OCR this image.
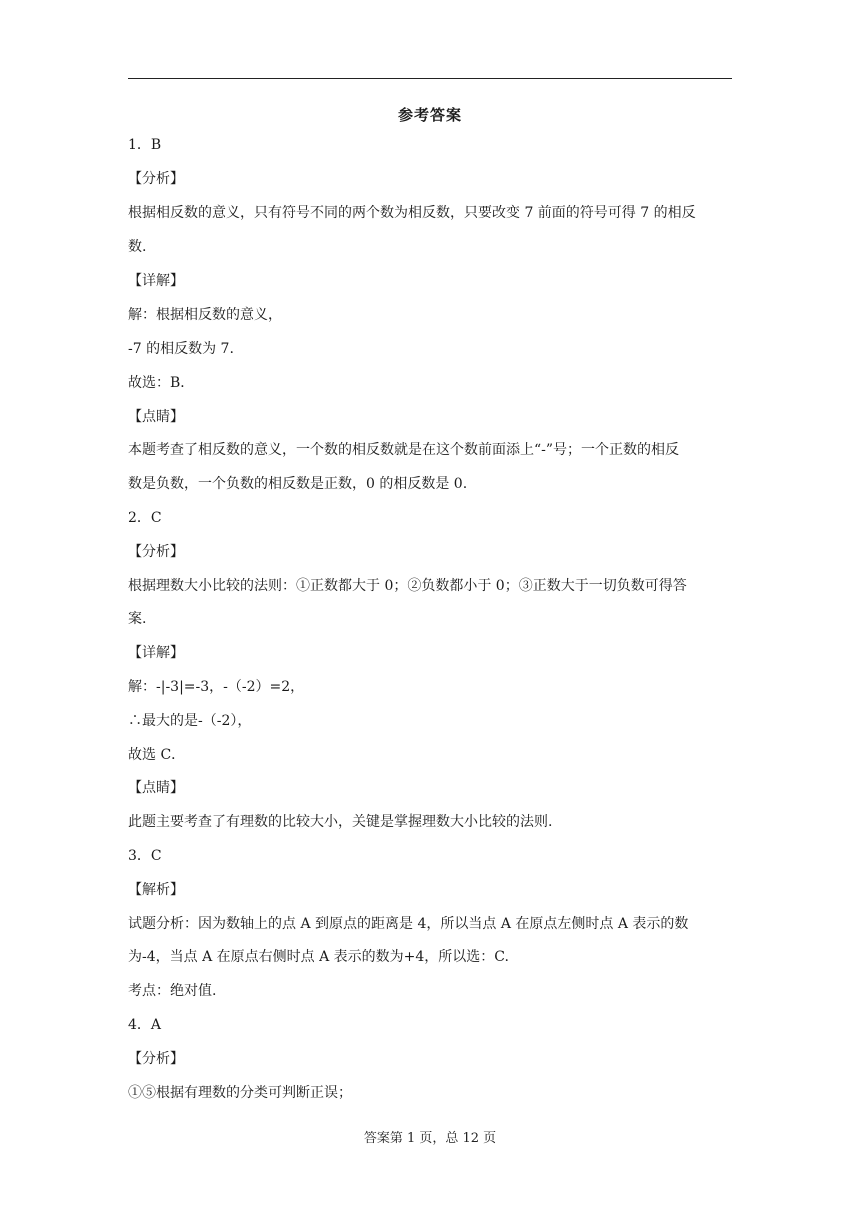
参考答案
1．B
【分析】
根据相反数的意义，只有符号不同的两个数为相反数，只要改变 7 前面的符号可得 7 的相反
数.
【详解】
解：根据相反数的意义，
-7 的相反数为 7.
故选：B．
【点睛】
本题考查了相反数的意义，一个数的相反数就是在这个数前面添上“-”号；一个正数的相反
数是负数，一个负数的相反数是正数，0 的相反数是 0.
2．C
【分析】
根据理数大小比较的法则：①正数都大于 0；②负数都小于 0；③正数大于一切负数可得答
案.
【详解】
解：-|-3|=-3，-（-2）=2，
∴最大的是-（-2），
故选 C．
【点睛】
此题主要考查了有理数的比较大小，关键是掌握理数大小比较的法则.
3．C
【解析】
试题分析：因为数轴上的点 A 到原点的距离是 4，所以当点 A 在原点左侧时点 A 表示的数
为-4，当点 A 在原点右侧时点 A 表示的数为+4，所以选：C.
考点：绝对值.
4．A
【分析】
①⑤根据有理数的分类可判断正误；
答案第 1 页，总 12 页
